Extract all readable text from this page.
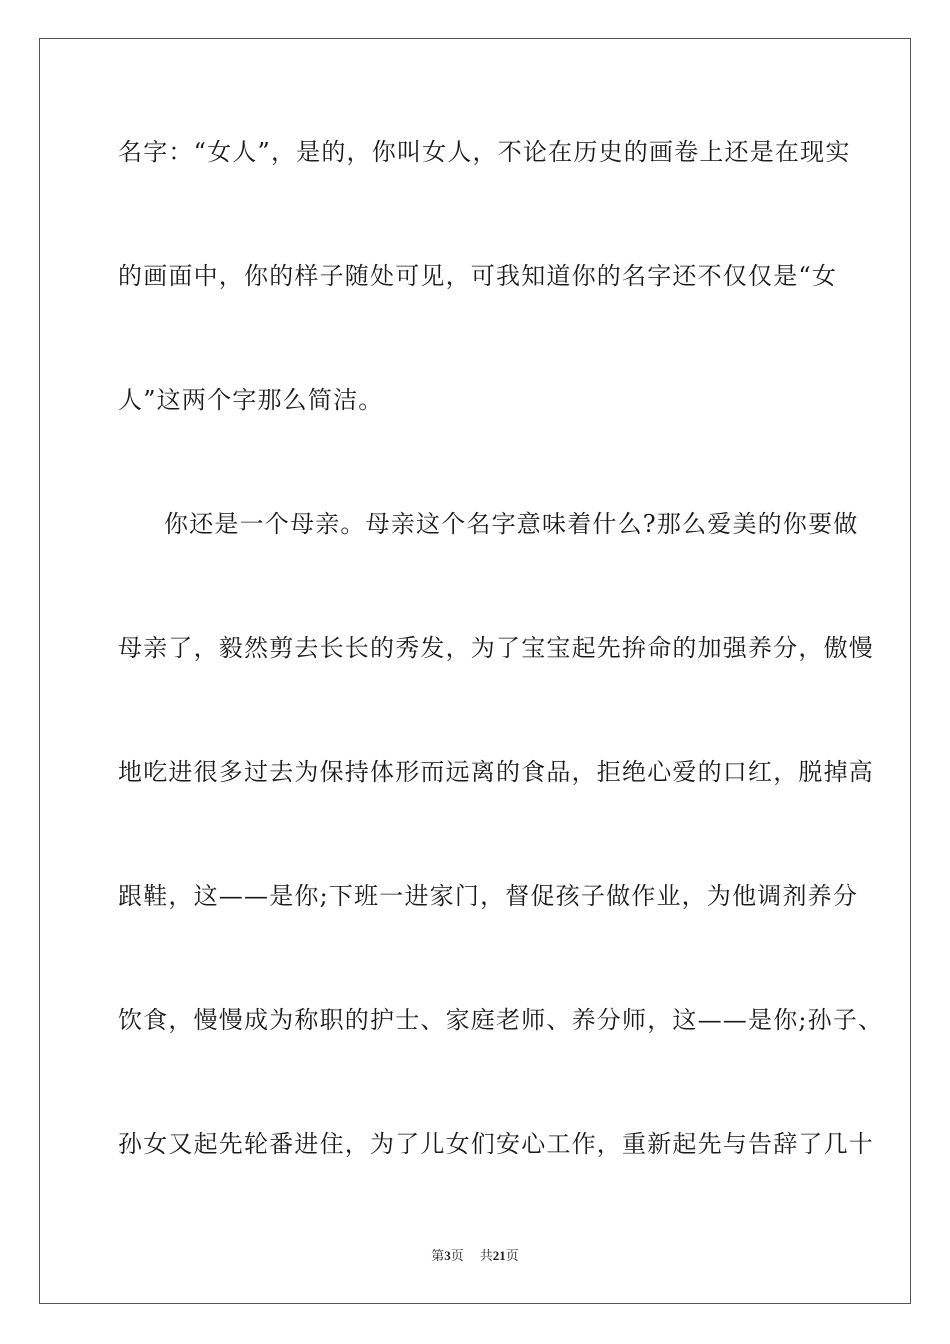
名字：“女人”，是的，你叫女人，不论在历史的画卷上还是在现实
的画面中，你的样子随处可见，可我知道你的名字还不仅仅是“女
人”这两个字那么简洁。
你还是一个母亲。母亲这个名字意味着什么?那么爱美的你要做
母亲了，毅然剪去长长的秀发，为了宝宝起先拚命的加强养分，傲慢
地吃进很多过去为保持体形而远离的食品，拒绝心爱的口红，脱掉高
跟鞋，这——是你;下班一进家门，督促孩子做作业，为他调剂养分
饮食，慢慢成为称职的护士、家庭老师、养分师，这——是你;孙子、
孙女又起先轮番进住，为了儿女们安心工作，重新起先与告辞了几十
第3页 共21页
